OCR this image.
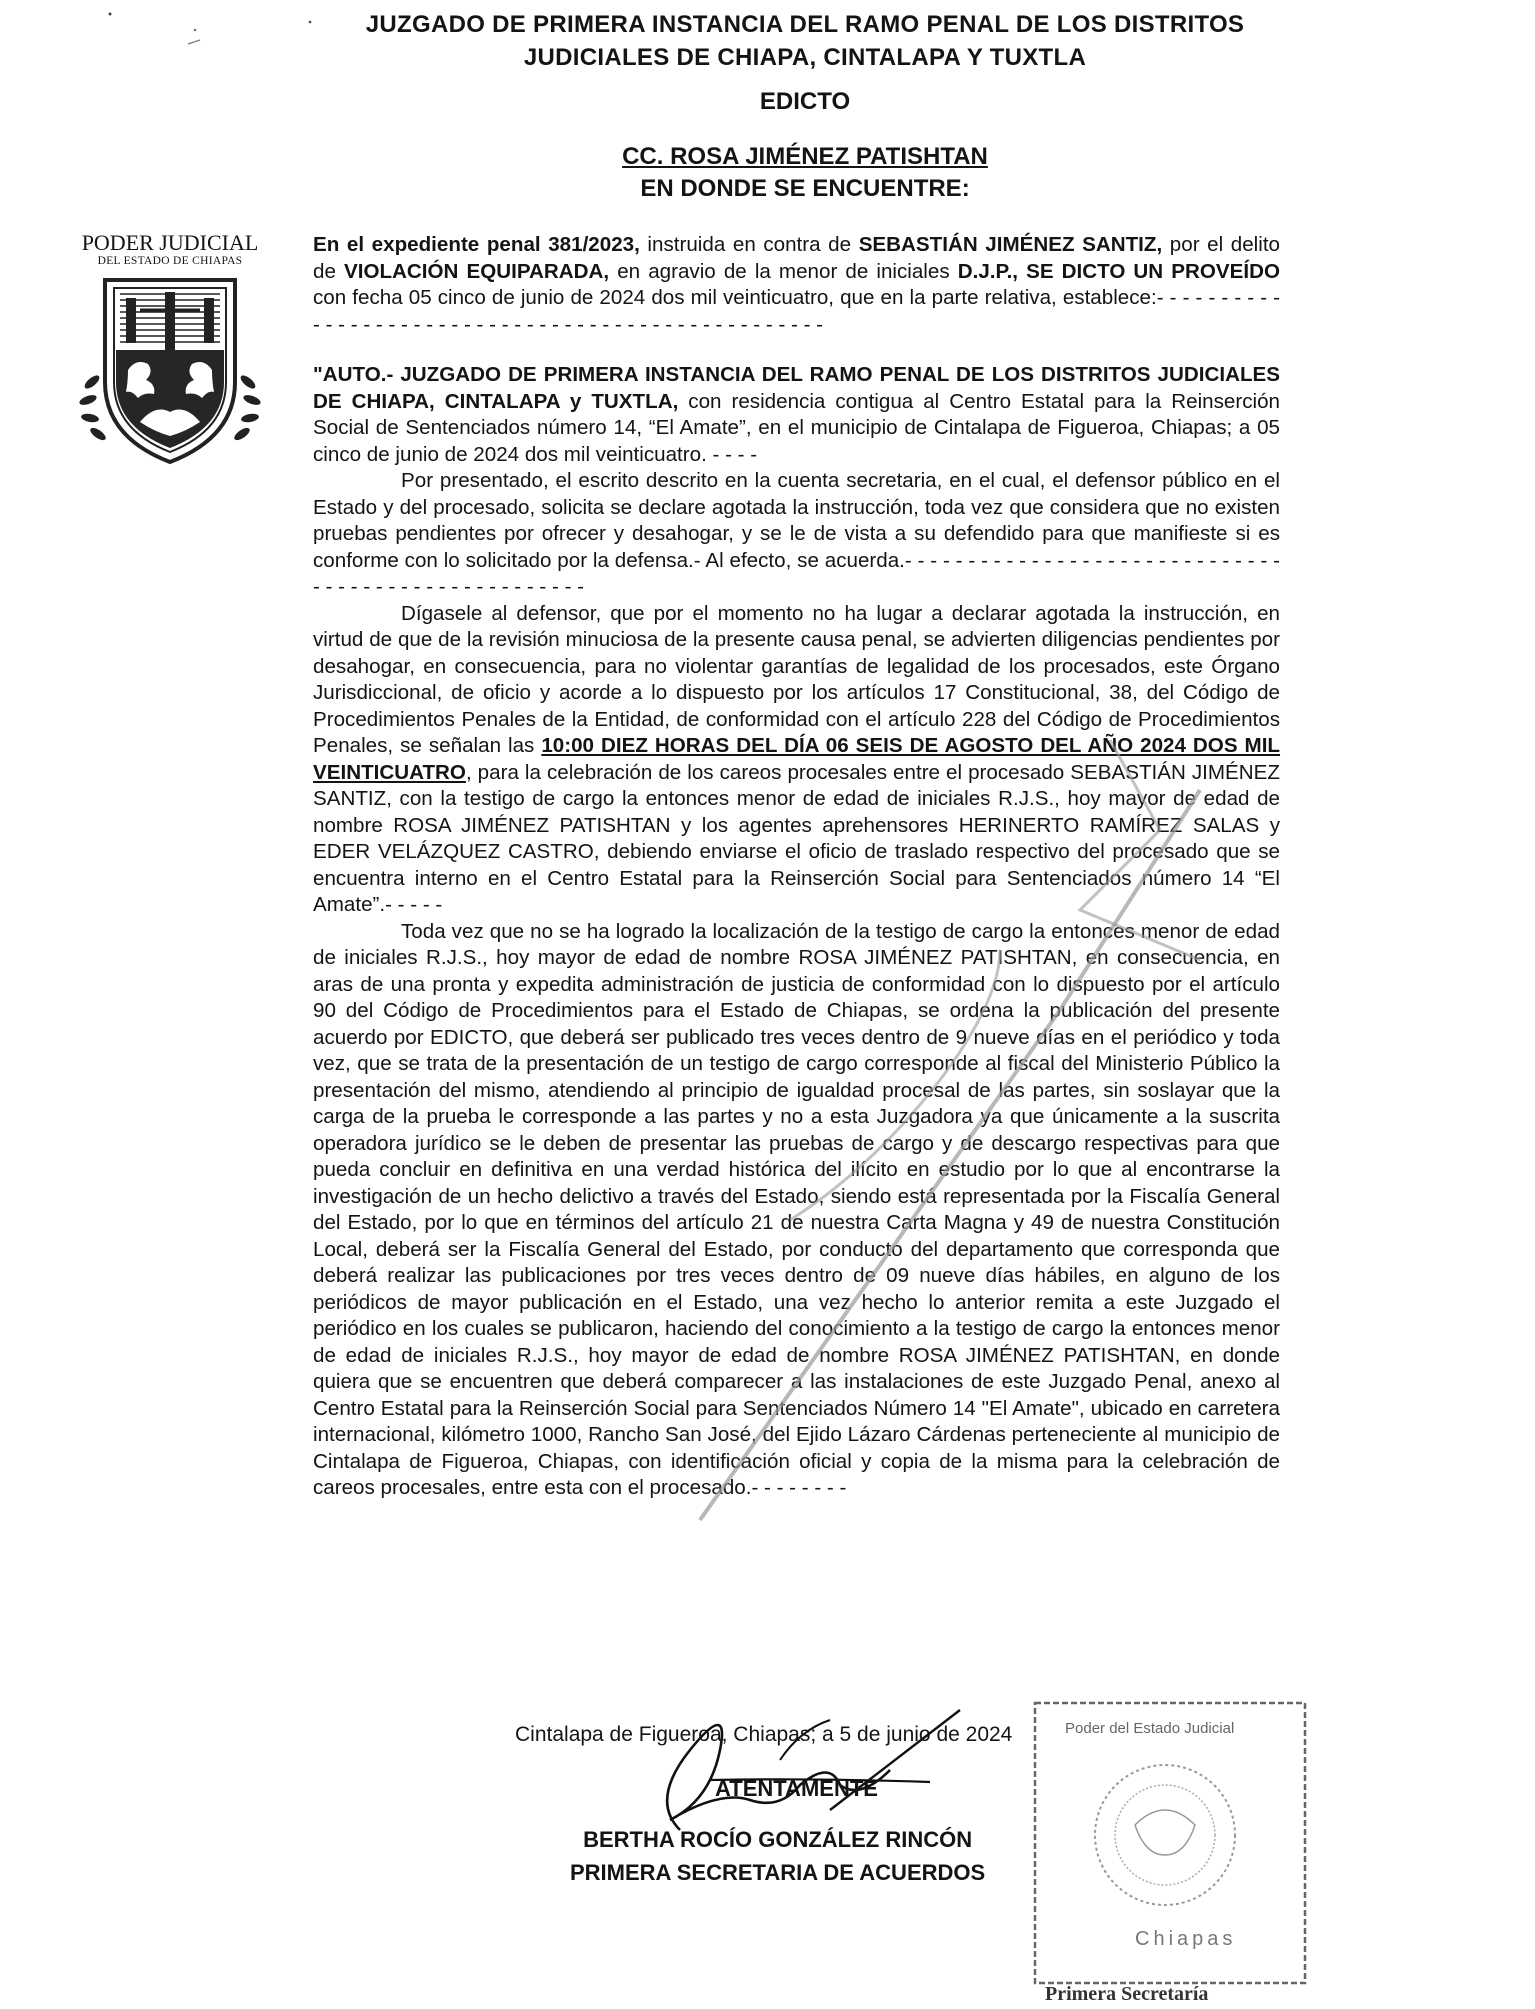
PODER JUDICIAL
DEL ESTADO DE CHIAPAS
JUZGADO DE PRIMERA INSTANCIA DEL RAMO PENAL DE LOS DISTRITOS
JUDICIALES DE CHIAPA, CINTALAPA Y TUXTLA
EDICTO
CC. ROSA JIMÉNEZ PATISHTAN
EN DONDE SE ENCUENTRE:

En el expediente penal 381/2023, instruida en contra de SEBASTIÁN JIMÉNEZ SANTIZ, por el delito de VIOLACIÓN EQUIPARADA, en agravio de la menor de iniciales D.J.P., SE DICTO UN PROVEÍDO con fecha 05 cinco de junio de 2024 dos mil veinticuatro, que en la parte relativa, establece:- - - - - - - - - - - - - - - - - - - - - - - - - - - - - - - - - - - - - - - - - - - - - - - - - - -

"AUTO.- JUZGADO DE PRIMERA INSTANCIA DEL RAMO PENAL DE LOS DISTRITOS JUDICIALES DE CHIAPA, CINTALAPA y TUXTLA, con residencia contigua al Centro Estatal para la Reinserción Social de Sentenciados número 14, “El Amate”, en el municipio de Cintalapa de Figueroa, Chiapas; a 05 cinco de junio de 2024 dos mil veinticuatro. - - - -

Por presentado, el escrito descrito en la cuenta secretaria, en el cual, el defensor público en el Estado y del procesado, solicita se declare agotada la instrucción, toda vez que considera que no existen pruebas pendientes por ofrecer y desahogar, y se le de vista a su defendido para que manifieste si es conforme con lo solicitado por la defensa.- Al efecto, se acuerda.- - - - - - - - - - - - - - - - - - - - - - - - - - - - - - - - - - - - - - - - - - - - - - - - - - - -

Dígasele al defensor, que por el momento no ha lugar a declarar agotada la instrucción, en virtud de que de la revisión minuciosa de la presente causa penal, se advierten diligencias pendientes por desahogar, en consecuencia, para no violentar garantías de legalidad de los procesados, este Órgano Jurisdiccional, de oficio y acorde a lo dispuesto por los artículos 17 Constitucional, 38, del Código de Procedimientos Penales de la Entidad, de conformidad con el artículo 228 del Código de Procedimientos Penales, se señalan las 10:00 DIEZ HORAS DEL DÍA 06 SEIS DE AGOSTO DEL AÑO 2024 DOS MIL VEINTICUATRO, para la celebración de los careos procesales entre el procesado SEBASTIÁN JIMÉNEZ SANTIZ, con la testigo de cargo la entonces menor de edad de iniciales R.J.S., hoy mayor de edad de nombre ROSA JIMÉNEZ PATISHTAN y los agentes aprehensores HERINERTO RAMÍREZ SALAS y EDER VELÁZQUEZ CASTRO, debiendo enviarse el oficio de traslado respectivo del procesado que se encuentra interno en el Centro Estatal para la Reinserción Social para Sentenciados número 14 “El Amate”.- - - - -

Toda vez que no se ha logrado la localización de la testigo de cargo la entonces menor de edad de iniciales R.J.S., hoy mayor de edad de nombre ROSA JIMÉNEZ PATISHTAN, en consecuencia, en aras de una pronta y expedita administración de justicia de conformidad con lo dispuesto por el artículo 90 del Código de Procedimientos para el Estado de Chiapas, se ordena la publicación del presente acuerdo por EDICTO, que deberá ser publicado tres veces dentro de 9 nueve días en el periódico y toda vez, que se trata de la presentación de un testigo de cargo corresponde al fiscal del Ministerio Público la presentación del mismo, atendiendo al principio de igualdad procesal de las partes, sin soslayar que la carga de la prueba le corresponde a las partes y no a esta Juzgadora ya que únicamente a la suscrita operadora jurídico se le deben de presentar las pruebas de cargo y de descargo respectivas para que pueda concluir en definitiva en una verdad histórica del ilícito en estudio por lo que al encontrarse la investigación de un hecho delictivo a través del Estado, siendo está representada por la Fiscalía General del Estado, por lo que en términos del artículo 21 de nuestra Carta Magna y 49 de nuestra Constitución Local, deberá ser la Fiscalía General del Estado, por conducto del departamento que corresponda que deberá realizar las publicaciones por tres veces dentro de 09 nueve días hábiles, en alguno de los periódicos de mayor publicación en el Estado, una vez hecho lo anterior remita a este Juzgado el periódico en los cuales se publicaron, haciendo del conocimiento a la testigo de cargo la entonces menor de edad de iniciales R.J.S., hoy mayor de edad de nombre ROSA JIMÉNEZ PATISHTAN, en donde quiera que se encuentren que deberá comparecer a las instalaciones de este Juzgado Penal, anexo al Centro Estatal para la Reinserción Social para Sentenciados Número 14 "El Amate", ubicado en carretera internacional, kilómetro 1000, Rancho San José, del Ejido Lázaro Cárdenas perteneciente al municipio de Cintalapa de Figueroa, Chiapas, con identificación oficial y copia de la misma para la celebración de careos procesales, entre esta con el procesado.- - - - - - - -

Cintalapa de Figueroa, Chiapas; a 5 de junio de 2024
ATENTAMENTE
BERTHA ROCÍO GONZÁLEZ RINCÓN
PRIMERA SECRETARIA DE ACUERDOS
Poder del Estado Judicial
Chiapas
Primera Secretaría
